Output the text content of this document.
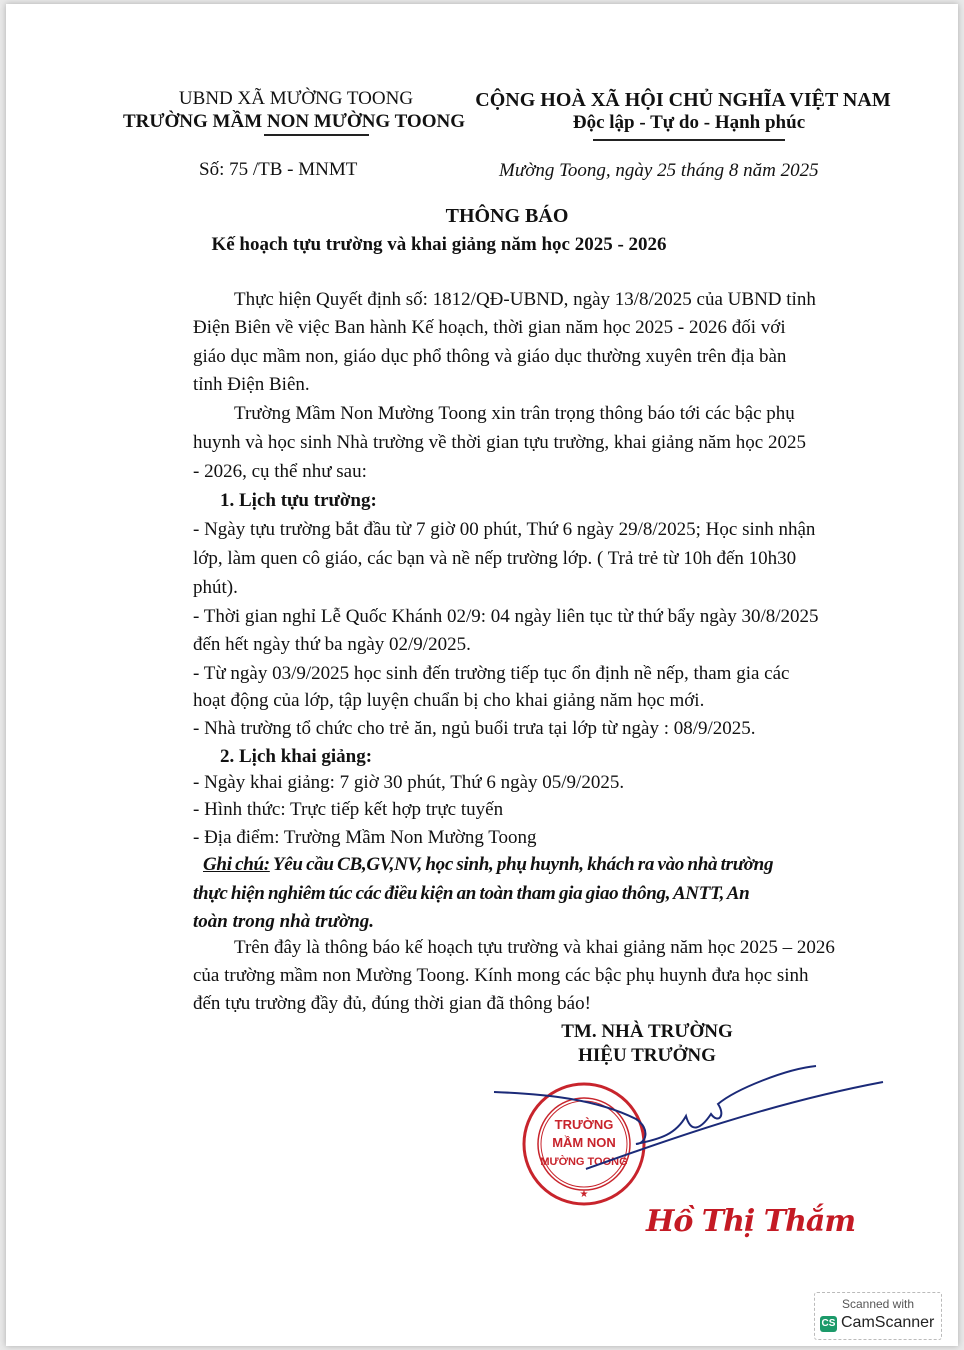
UBND XÃ MƯỜNG TOONG
TRƯỜNG MẦM NON MƯỜNG TOONG
CỘNG HOÀ XÃ HỘI CHỦ NGHĨA VIỆT NAM
Độc lập - Tự do - Hạnh phúc
Số: 75 /TB - MNMT	Mường Toong, ngày 25 tháng 8 năm 2025
THÔNG BÁO
Kế hoạch tựu trường và khai giảng năm học 2025 - 2026
Thực hiện Quyết định số: 1812/QĐ-UBND, ngày 13/8/2025 của UBND tỉnh
Điện Biên về việc Ban hành Kế hoạch, thời gian năm học 2025 - 2026 đối với
giáo dục mầm non, giáo dục phổ thông và giáo dục thường xuyên trên địa bàn
tỉnh Điện Biên.
Trường Mầm Non Mường Toong xin trân trọng thông báo tới các bậc phụ
huynh và học sinh Nhà trường về thời gian tựu trường, khai giảng năm học 2025
- 2026, cụ thể như sau:
1. Lịch tựu trường:
- Ngày tựu trường bắt đầu từ 7 giờ 00 phút, Thứ 6 ngày 29/8/2025; Học sinh nhận
lớp, làm quen cô giáo, các bạn và nề nếp trường lớp. ( Trả trẻ từ 10h đến 10h30
phút).
- Thời gian nghỉ Lễ Quốc Khánh 02/9: 04 ngày liên tục từ thứ bẩy ngày 30/8/2025
đến hết ngày thứ ba ngày 02/9/2025.
- Từ ngày 03/9/2025 học sinh đến trường tiếp tục ổn định nề nếp, tham gia các
hoạt động của lớp, tập luyện chuẩn bị cho khai giảng năm học mới.
- Nhà trường tổ chức cho trẻ ăn, ngủ buổi trưa tại lớp từ ngày : 08/9/2025.
2. Lịch khai giảng:
- Ngày khai giảng: 7 giờ 30 phút, Thứ 6 ngày 05/9/2025.
- Hình thức: Trực tiếp kết hợp trực tuyến
- Địa điểm: Trường Mầm Non Mường Toong
Ghi chú: Yêu cầu CB,GV,NV, học sinh, phụ huynh, khách ra vào nhà trường
thực hiện nghiêm túc các điều kiện an toàn tham gia giao thông, ANTT, An
toàn trong nhà trường.
Trên đây là thông báo kế hoạch tựu trường và khai giảng năm học 2025 – 2026
của trường mầm non Mường Toong. Kính mong các bậc phụ huynh đưa học sinh
đến tựu trường đầy đủ, đúng thời gian đã thông báo!
TM. NHÀ TRƯỜNG
HIỆU TRƯỞNG
TRƯỜNG
MẦM NON
MƯỜNG TOONG
★
Hồ Thị Thắm
Scanned with
CS CamScanner
